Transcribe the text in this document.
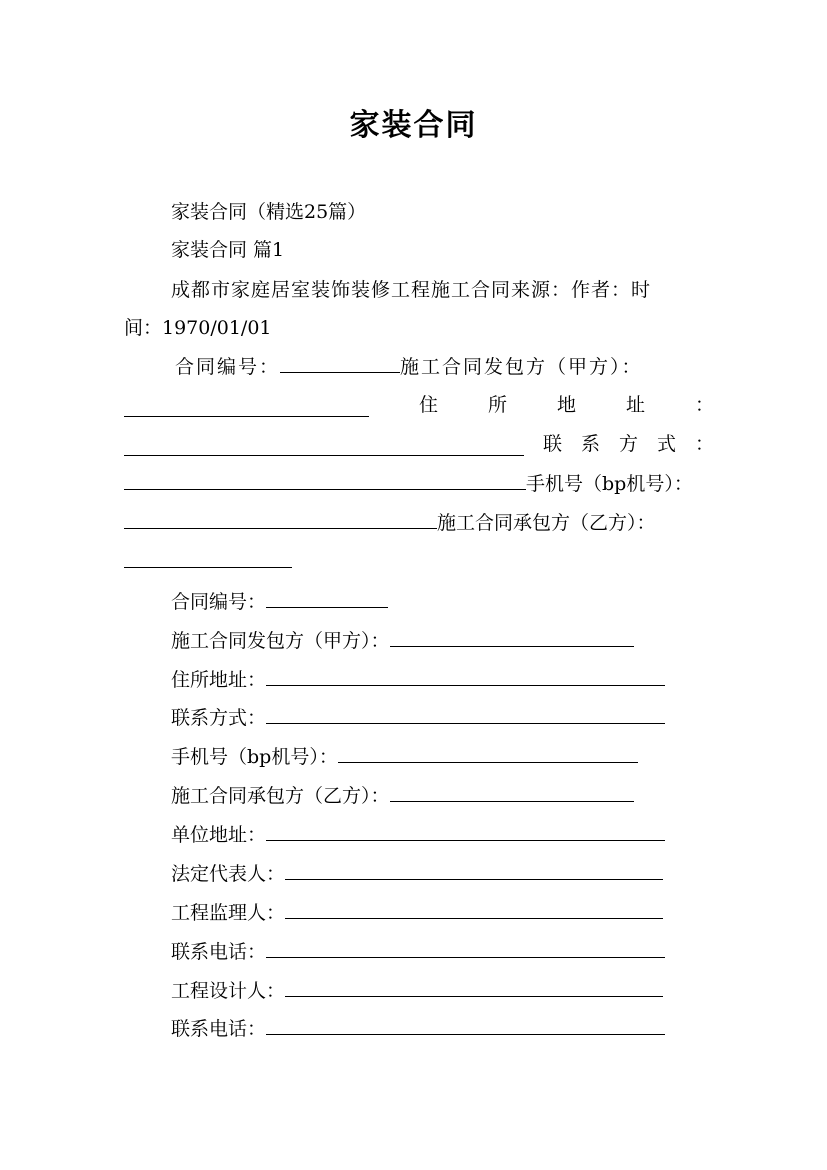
家装合同
家装合同（精选25篇）
家装合同 篇1
成都市家庭居室装饰装修工程施工合同来源：作者：时
间：1970/01/01
合同编号：	施工合同发包方（甲方）：
住	所	地	址	：
联 系 方 式 ：
手机号（bp机号）：
施工合同承包方（乙方）：
合同编号：
施工合同发包方（甲方）：
住所地址：
联系方式：
手机号（bp机号）：
施工合同承包方（乙方）：
单位地址：
法定代表人：
工程监理人：
联系电话：
工程设计人：
联系电话：
